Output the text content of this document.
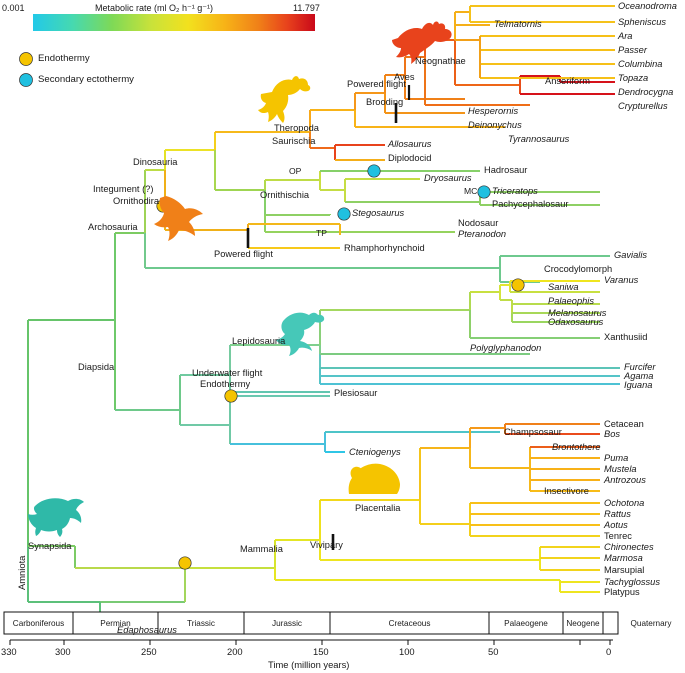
0.001	Metabolic rate (ml O₂ h⁻¹ g⁻¹)	11.797
Endothermy
Secondary ectothermy
Amniota
Diapsida
Archosauria
Ornithodira
Dinosauria
Saurischia
Theropoda
Ornithischia
Aves
Neognathae
Lepidosauria
Synapsida	Mammalia
Placentalia
Integument (?)
Powered flight
Powered flight
Brooding
Underwater flight
Endothermy
Vivipary
OP
MC
TP
Oceanodroma
Spheniscus
Ara
Passer
Columbina
Topaza
Anseriform
Dendrocygna
Crypturellus
Telmatornis
Hesperornis
Deinonychus
Tyrannosaurus
Allosaurus
Diplodocid
Hadrosaur
Dryosaurus
Triceratops
Pachycephalosaur
Stegosaurus
Nodosaur
Pteranodon
Rhamphorhynchoid
Gavialis
Crocodylomorph
Saniwa
Varanus
Palaeophis
Melanosaurus
Odaxosaurus
Xanthusiid
Polyglyphanodon
Furcifer
Agama
Iguana
Plesiosaur
Champsosaur
Cteniogenys
Cetacean
Bos
Brontothere
Puma
Mustela
Antrozous
Insectivore
Ochotona
Rattus
Aotus
Tenrec
Chironectes
Marmosa
Marsupial
Tachyglossus
Platypus
Edaphosaurus
Carboniferous	Permian	Triassic	Jurassic	Cretaceous	Palaeogene	Neogene	Quaternary
330	300	250	200	150	100	50	0
Time (million years)
